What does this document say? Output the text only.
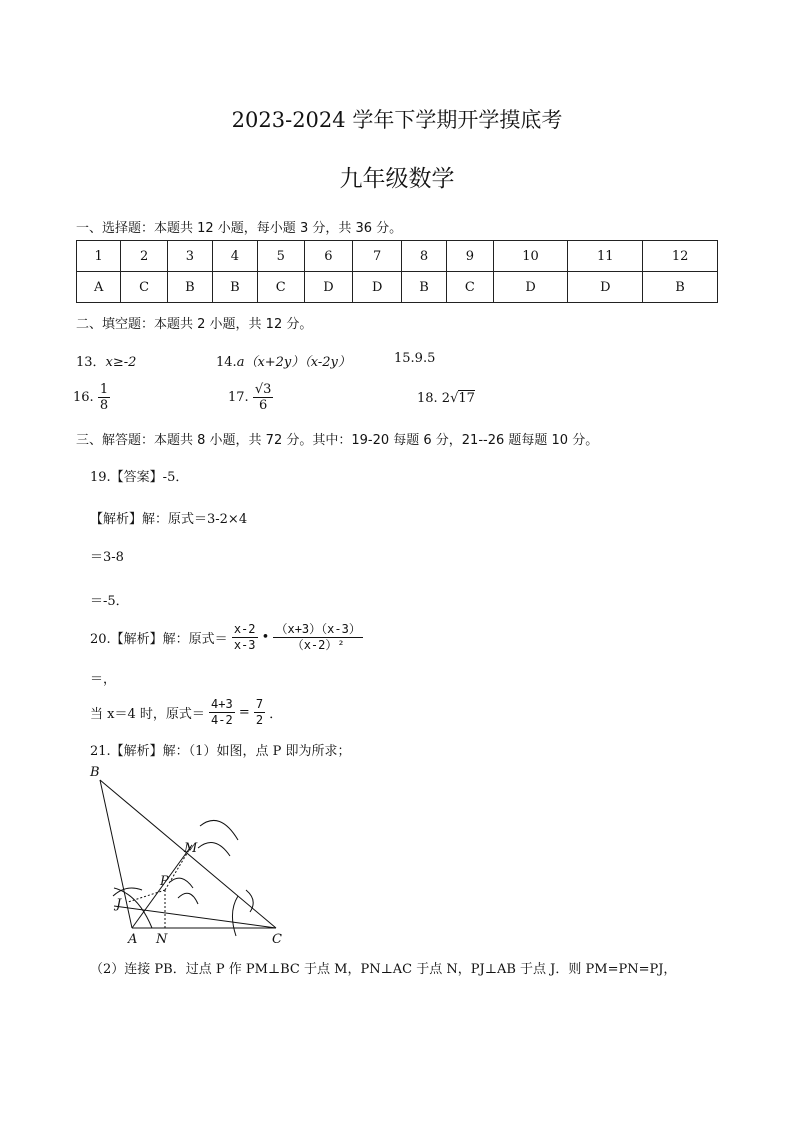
2023-2024 学年下学期开学摸底考
九年级数学
一、选择题：本题共 12 小题，每小题 3 分，共 36 分。
1	2	3	4	5	6	7	8	9	10	11	12
A	C	B	B	C	D	D	B	C	D	D	B
二、填空题：本题共 2 小题，共 12 分。
13．x≥-2	14.a（x+2y）（x-2y）	15.9.5
16. $\frac{1}{8}$	17. $\frac{√3}{6}$	18. 2√17
三、解答题：本题共 8 小题，共 72 分。其中：19-20 每题 6 分，21--26 题每题 10 分。
19.【答案】-5．
【解析】解：原式＝3-2×4
＝3-8
＝-5．
20.【解析】解：原式＝ $\frac{x-2}{x-3}$ • $\frac{(x+3)(x-3)}{\text{（x-2）²}}$
＝，
当 x＝4 时，原式＝ $\frac{4+3}{4-2} = \frac{7}{2}$ ．
21.【解析】解：（1）如图，点 P 即为所求；
B
M
P
J
A N	C
（2）连接 PB．过点 P 作 PM⊥BC 于点 M，PN⊥AC 于点 N，PJ⊥AB 于点 J．则 PM=PN=PJ，
